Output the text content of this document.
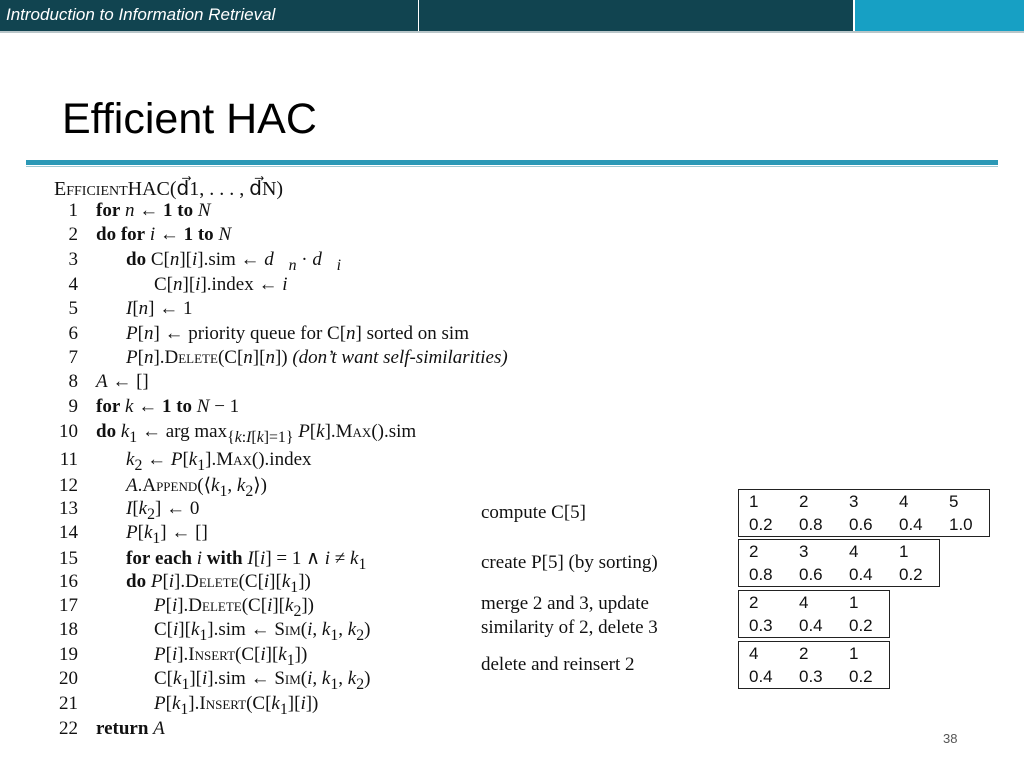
Introduction to Information Retrieval
Efficient HAC
EfficientHAC(d⃗1, . . . , d⃗N)
1 for n ← 1 to N
2 do for i ← 1 to N
3	do C[n][i].sim ← $d⃗_n$ · $d⃗_i$
4	C[n][i].index ← i
5	I[n] ← 1
6	P[n] ← priority queue for C[n] sorted on sim
7	P[n].Delete(C[n][n]) (don’t want self-similarities)
8 A ← []
9 for k ← 1 to N − 1
10 do $k_1$ ← arg $\max_{\{k:I[k]=1\}} P[k].Max().sim$
11	$k_2$ ← $P[k_1].Max().index$
12	$A.Append(⟨k_1$, $k_2⟩$)
13	$I[k_2]$ ← 0
14	$P[k_1]$ ← []
15	for each i with I[i] = 1 ∧ $i \ne k_1$
16	do $P[i].Delete(C[i][k_1])$
17	$P[i].Delete(C[i][k_2])$
18	$C[i][k_1].sim$ ← Sim(i, $k_1$, $k_2$)
19	$P[i].Insert(C[i][k_1])$
20	$C[k_1][i].sim$ ← Sim(i, $k_1$, $k_2$)
21	$P[k_1].Insert(C[k_1][i])$
22 return A
compute C[5]
create P[5] (by sorting)
merge 2 and 3, update
similarity of 2, delete 3
delete and reinsert 2
1	2	3	4	5
0.2	0.8	0.6	0.4	1.0
2	3	4	1
0.8	0.6	0.4	0.2
2	4	1
0.3	0.4	0.2
4	2	1
0.4	0.3	0.2
38
